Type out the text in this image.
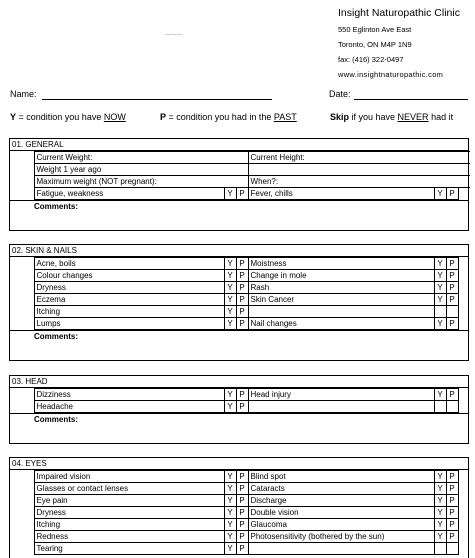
Insight Naturopathic
Insight Naturopathic Clinic
550 Eglinton Ave East
Toronto, ON M4P 1N9
fax: (416) 322-0497
www.insightnaturopathic.com
Name:	Date:
Y = condition you have NOW	P = condition you had in the PAST	Skip if you have NEVER had it
01. GENERAL
	Current Weight:			Current Height:			
	Weight 1 year ago						
	Maximum weight (NOT pregnant):			When?:			
	Fatigue, weakness	Y	P	Fever, chills	Y	P	
Comments:
02. SKIN & NAILS
	Acne, boils	Y	P	Moistness	Y	P	
	Colour changes	Y	P	Change in mole	Y	P	
	Dryness	Y	P	Rash	Y	P	
	Eczema	Y	P	Skin Cancer	Y	P	
	Itching	Y	P				
	Lumps	Y	P	Nail changes	Y	P	
Comments:
03. HEAD
	Dizziness	Y	P	Head injury	Y	P	
	Headache	Y	P				
Comments:
04. EYES
	Impaired vision	Y	P	Blind spot	Y	P	
	Glasses or contact lenses	Y	P	Cataracts	Y	P	
	Eye pain	Y	P	Discharge	Y	P	
	Dryness	Y	P	Double vision	Y	P	
	Itching	Y	P	Glaucoma	Y	P	
	Redness	Y	P	Photosensitivity (bothered by the sun)	Y	P	
	Tearing	Y	P				
